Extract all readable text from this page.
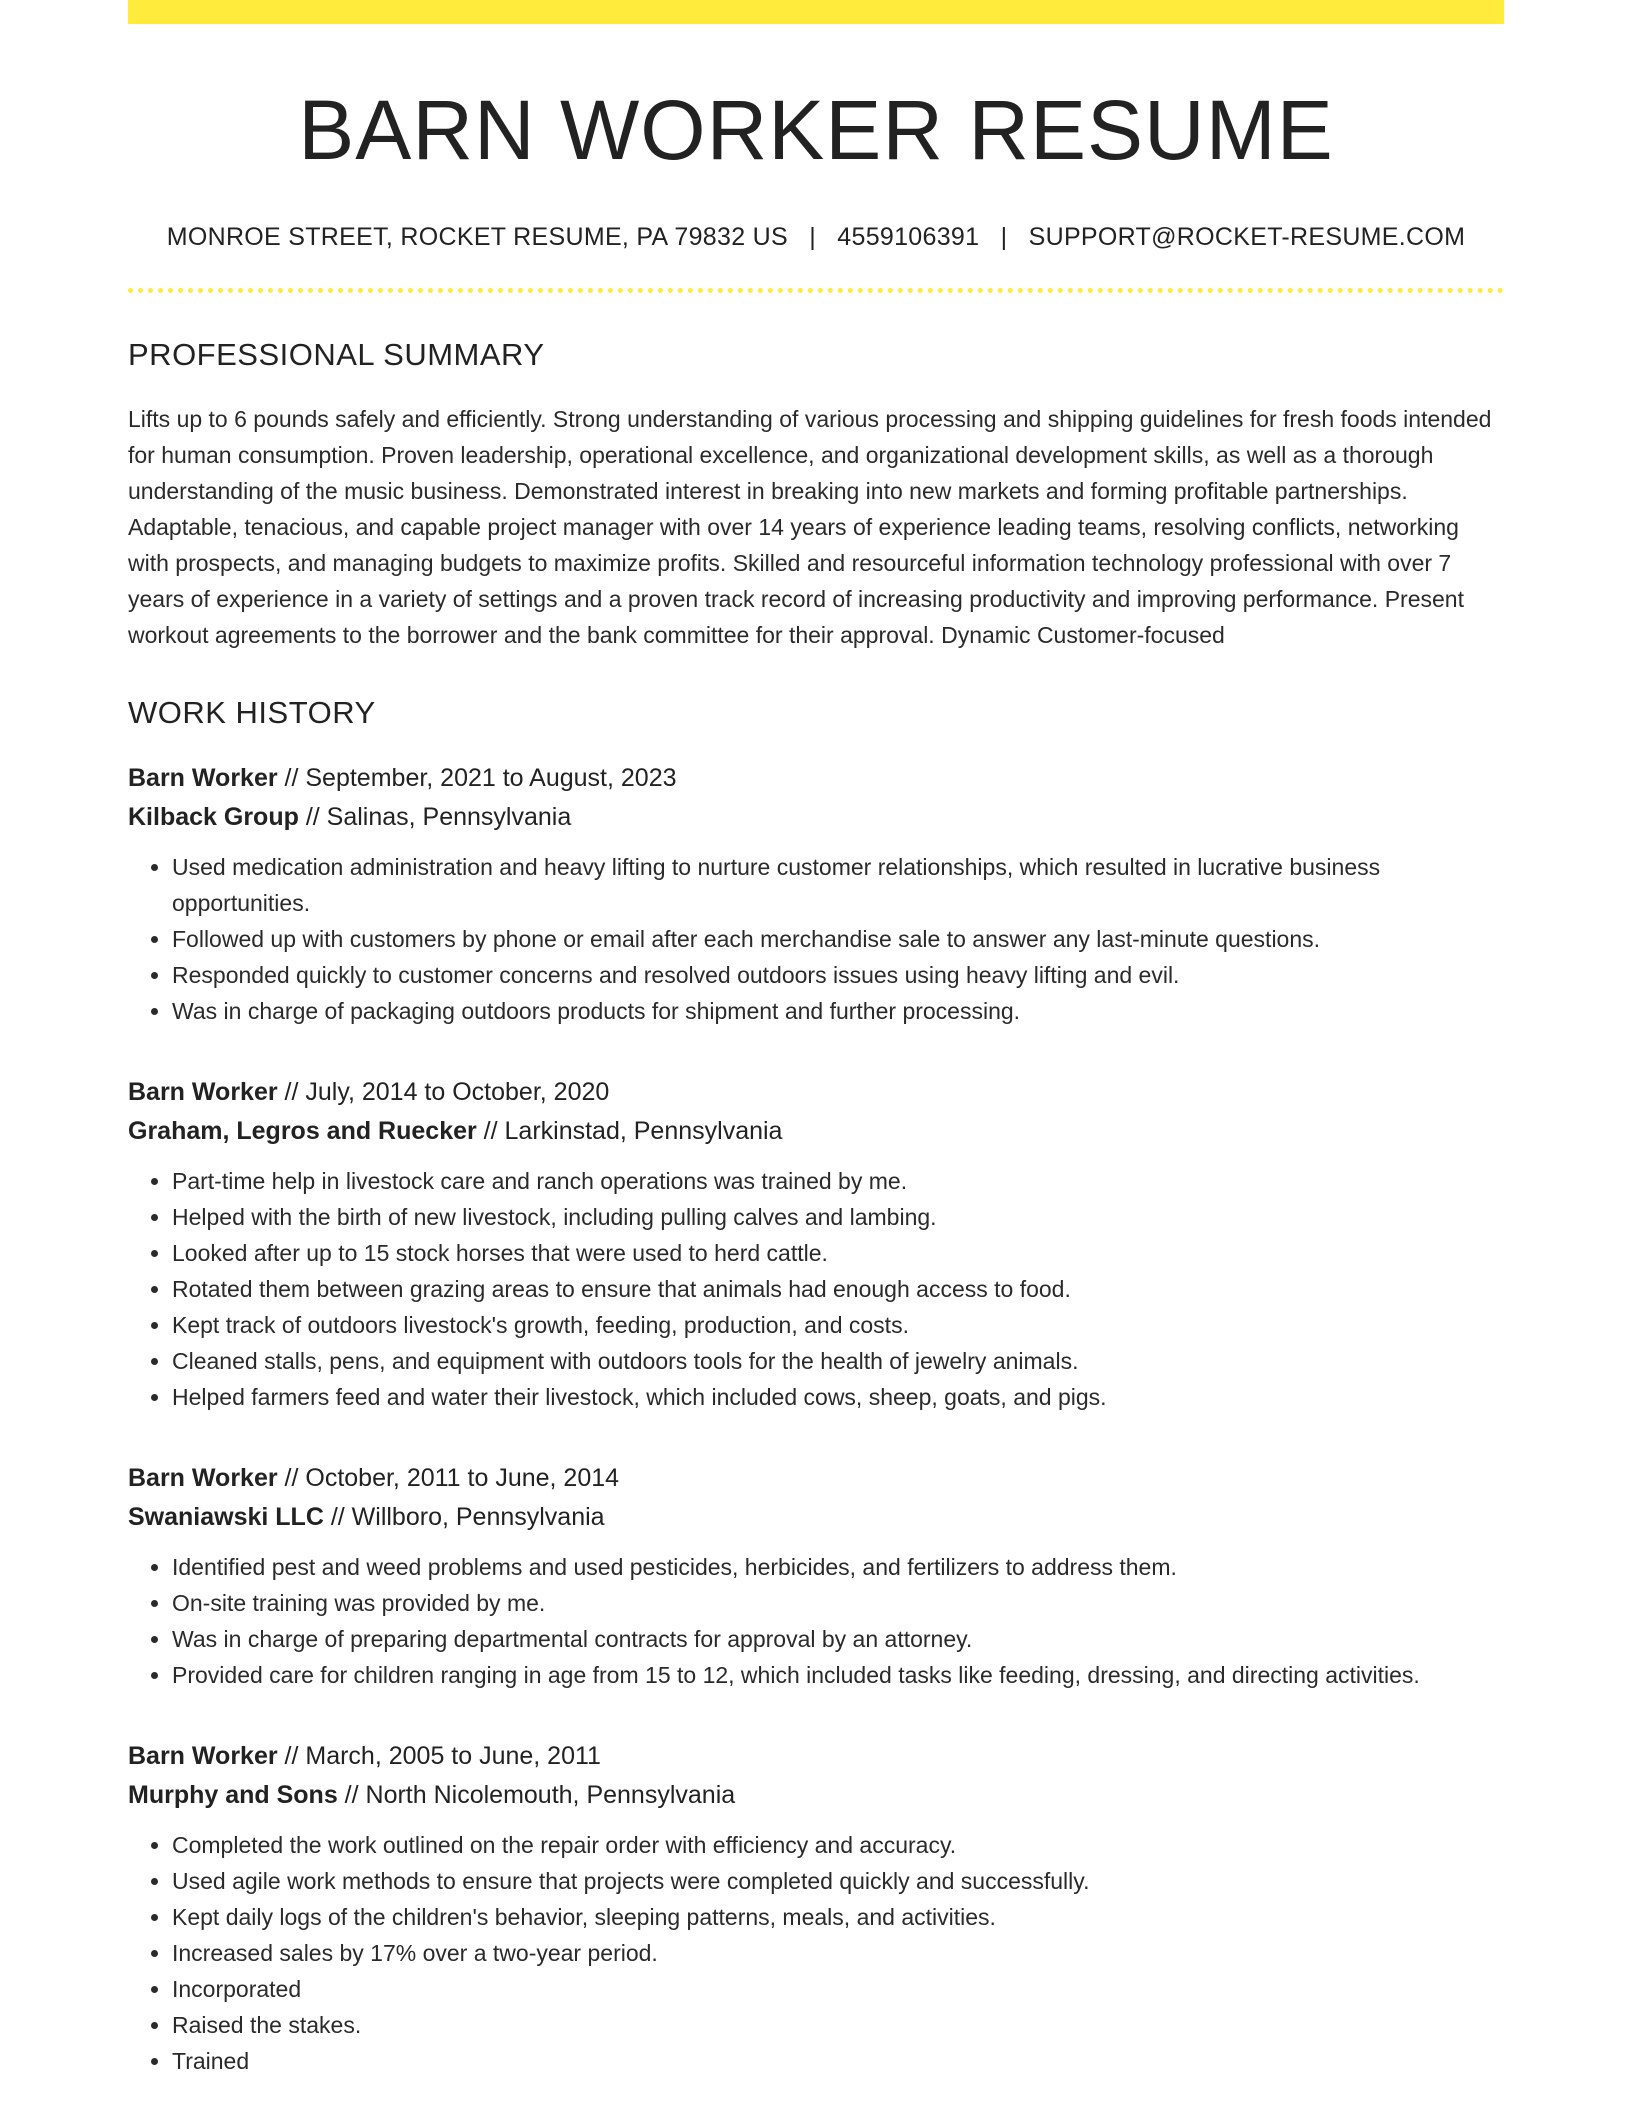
BARN WORKER RESUME
MONROE STREET, ROCKET RESUME, PA 79832 US | 4559106391 | SUPPORT@ROCKET-RESUME.COM
PROFESSIONAL SUMMARY

Lifts up to 6 pounds safely and efficiently. Strong understanding of various processing and shipping guidelines for fresh foods intended for human consumption. Proven leadership, operational excellence, and organizational development skills, as well as a thorough understanding of the music business. Demonstrated interest in breaking into new markets and forming profitable partnerships. Adaptable, tenacious, and capable project manager with over 14 years of experience leading teams, resolving conflicts, networking with prospects, and managing budgets to maximize profits. Skilled and resourceful information technology professional with over 7 years of experience in a variety of settings and a proven track record of increasing productivity and improving performance. Present workout agreements to the borrower and the bank committee for their approval. Dynamic Customer-focused

WORK HISTORY
Barn Worker // September, 2021 to August, 2023
Kilback Group // Salinas, Pennsylvania
• Used medication administration and heavy lifting to nurture customer relationships, which resulted in lucrative business opportunities.
• Followed up with customers by phone or email after each merchandise sale to answer any last-minute questions.
• Responded quickly to customer concerns and resolved outdoors issues using heavy lifting and evil.
• Was in charge of packaging outdoors products for shipment and further processing.
Barn Worker // July, 2014 to October, 2020
Graham, Legros and Ruecker // Larkinstad, Pennsylvania
• Part-time help in livestock care and ranch operations was trained by me.
• Helped with the birth of new livestock, including pulling calves and lambing.
• Looked after up to 15 stock horses that were used to herd cattle.
• Rotated them between grazing areas to ensure that animals had enough access to food.
• Kept track of outdoors livestock's growth, feeding, production, and costs.
• Cleaned stalls, pens, and equipment with outdoors tools for the health of jewelry animals.
• Helped farmers feed and water their livestock, which included cows, sheep, goats, and pigs.
Barn Worker // October, 2011 to June, 2014
Swaniawski LLC // Willboro, Pennsylvania
• Identified pest and weed problems and used pesticides, herbicides, and fertilizers to address them.
• On-site training was provided by me.
• Was in charge of preparing departmental contracts for approval by an attorney.
• Provided care for children ranging in age from 15 to 12, which included tasks like feeding, dressing, and directing activities.
Barn Worker // March, 2005 to June, 2011
Murphy and Sons // North Nicolemouth, Pennsylvania
• Completed the work outlined on the repair order with efficiency and accuracy.
• Used agile work methods to ensure that projects were completed quickly and successfully.
• Kept daily logs of the children's behavior, sleeping patterns, meals, and activities.
• Increased sales by 17% over a two-year period.
• Incorporated
• Raised the stakes.
• Trained
